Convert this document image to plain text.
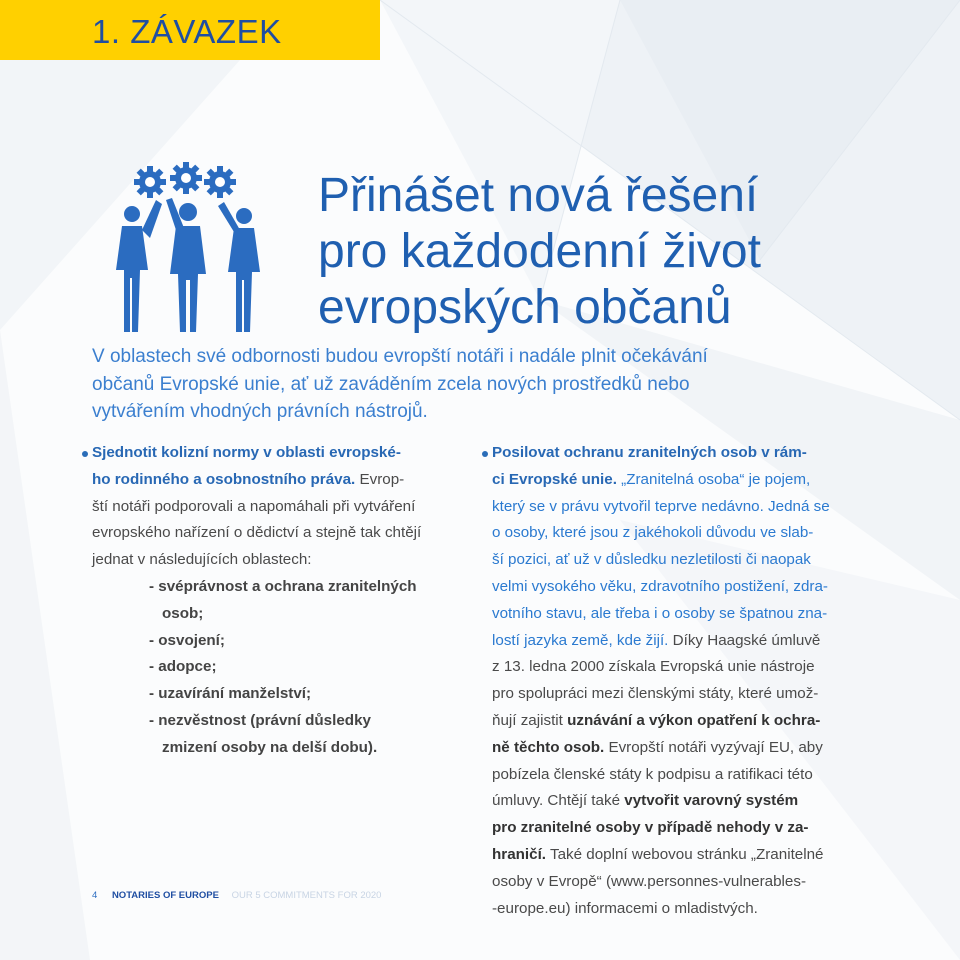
1. ZÁVAZEK
Přinášet nová řešení
pro každodenní život
evropských občanů
V oblastech své odbornosti budou evropští notáři i nadále plnit očekávání
občanů Evropské unie, ať už zaváděním zcela nových prostředků nebo
vytvářením vhodných právních nástrojů.
Sjednotit kolizní normy v oblasti evropské-
ho rodinného a osobnostního práva. Evrop-
ští notáři podporovali a napomáhali při vytváření
evropského nařízení o dědictví a stejně tak chtějí
jednat v následujících oblastech:
- svéprávnost a ochrana zranitelných
osob;
- osvojení;
- adopce;
- uzavírání manželství;
- nezvěstnost (právní důsledky
zmizení osoby na delší dobu).
Posilovat ochranu zranitelných osob v rám-
ci Evropské unie. „Zranitelná osoba“ je pojem,
který se v právu vytvořil teprve nedávno. Jedná se
o osoby, které jsou z jakéhokoli důvodu ve slab-
ší pozici, ať už v důsledku nezletilosti či naopak
velmi vysokého věku, zdravotního postižení, zdra-
votního stavu, ale třeba i o osoby se špatnou zna-
lostí jazyka země, kde žijí. Díky Haagské úmluvě
z 13. ledna 2000 získala Evropská unie nástroje
pro spolupráci mezi členskými státy, které umož-
ňují zajistit uznávání a výkon opatření k ochra-
ně těchto osob. Evropští notáři vyzývají EU, aby
pobízela členské státy k podpisu a ratifikaci této
úmluvy. Chtějí také vytvořit varovný systém
pro zranitelné osoby v případě nehody v za-
hraničí. Také doplní webovou stránku „Zranitelné
osoby v Evropě“ (www.personnes-vulnerables-
-europe.eu) informacemi o mladistvých.
4 NOTARIES OF EUROPE OUR 5 COMMITMENTS FOR 2020
